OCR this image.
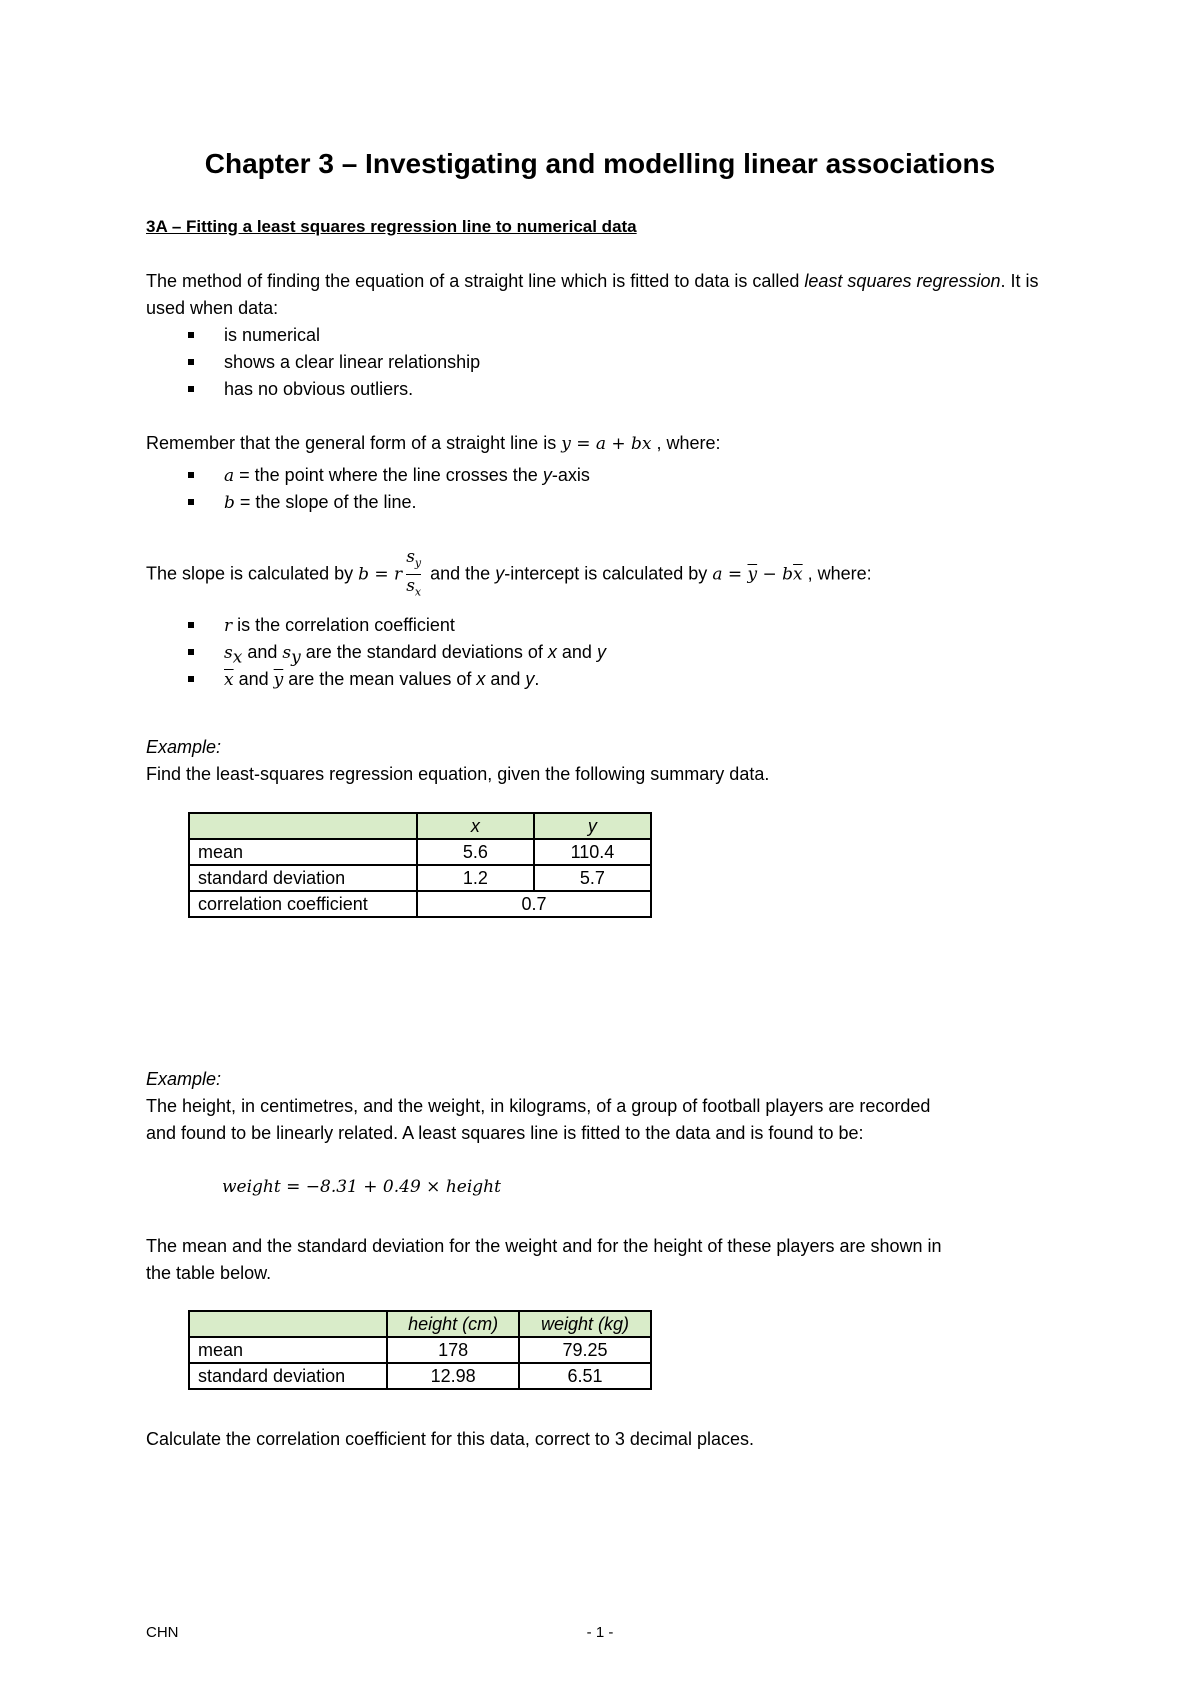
Chapter 3 – Investigating and modelling linear associations
3A – Fitting a least squares regression line to numerical data
The method of finding the equation of a straight line which is fitted to data is called least squares regression. It is used when data:
is numerical
shows a clear linear relationship
has no obvious outliers.
Remember that the general form of a straight line is y = a + bx , where:
a = the point where the line crosses the y-axis
b = the slope of the line.
The slope is calculated by b = r $\frac{s_y}{s_x}$ and the y-intercept is calculated by $a = \overline{y} - b\overline{x}$ , where:
r is the correlation coefficient
$s_x$ and $s_y$ are the standard deviations of x and y
$\overline{x}$ and $\overline{y}$ are the mean values of x and y.
Example:
Find the least-squares regression equation, given the following summary data.
	x	y
mean	5.6	110.4
standard deviation	1.2	5.7
correlation coefficient	0.7	
Example:
The height, in centimetres, and the weight, in kilograms, of a group of football players are recorded
and found to be linearly related. A least squares line is fitted to the data and is found to be:
weight = −8.31 + 0.49 × height
The mean and the standard deviation for the weight and for the height of these players are shown in
the table below.
	height (cm)	weight (kg)
mean	178	79.25
standard deviation	12.98	6.51
Calculate the correlation coefficient for this data, correct to 3 decimal places.
CHN	- 1 -
